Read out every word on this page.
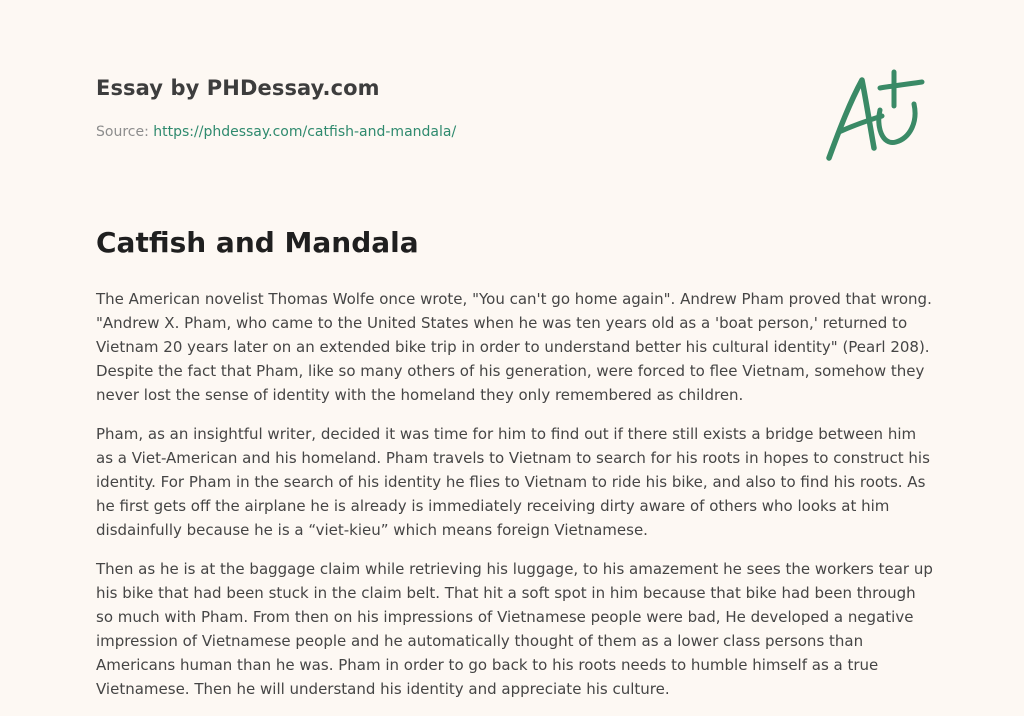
Essay by PHDessay.com
Source: https://phdessay.com/catfish-and-mandala/
Catfish and Mandala

The American novelist Thomas Wolfe once wrote, "You can't go home again". Andrew Pham proved that wrong. "Andrew X. Pham, who came to the United States when he was ten years old as a 'boat person,' returned to Vietnam 20 years later on an extended bike trip in order to understand better his cultural identity" (Pearl 208). Despite the fact that Pham, like so many others of his generation, were forced to flee Vietnam, somehow they never lost the sense of identity with the homeland they only remembered as children.

Pham, as an insightful writer, decided it was time for him to find out if there still exists a bridge between him as a Viet-American and his homeland. Pham travels to Vietnam to search for his roots in hopes to construct his identity. For Pham in the search of his identity he flies to Vietnam to ride his bike, and also to find his roots. As he first gets off the airplane he is already is immediately receiving dirty aware of others who looks at him disdainfully because he is a “viet-kieu” which means foreign Vietnamese.

Then as he is at the baggage claim while retrieving his luggage, to his amazement he sees the workers tear up his bike that had been stuck in the claim belt. That hit a soft spot in him because that bike had been through so much with Pham. From then on his impressions of Vietnamese people were bad, He developed a negative impression of Vietnamese people and he automatically thought of them as a lower class persons than Americans human than he was. Pham in order to go back to his roots needs to humble himself as a true Vietnamese. Then he will understand his identity and appreciate his culture.
